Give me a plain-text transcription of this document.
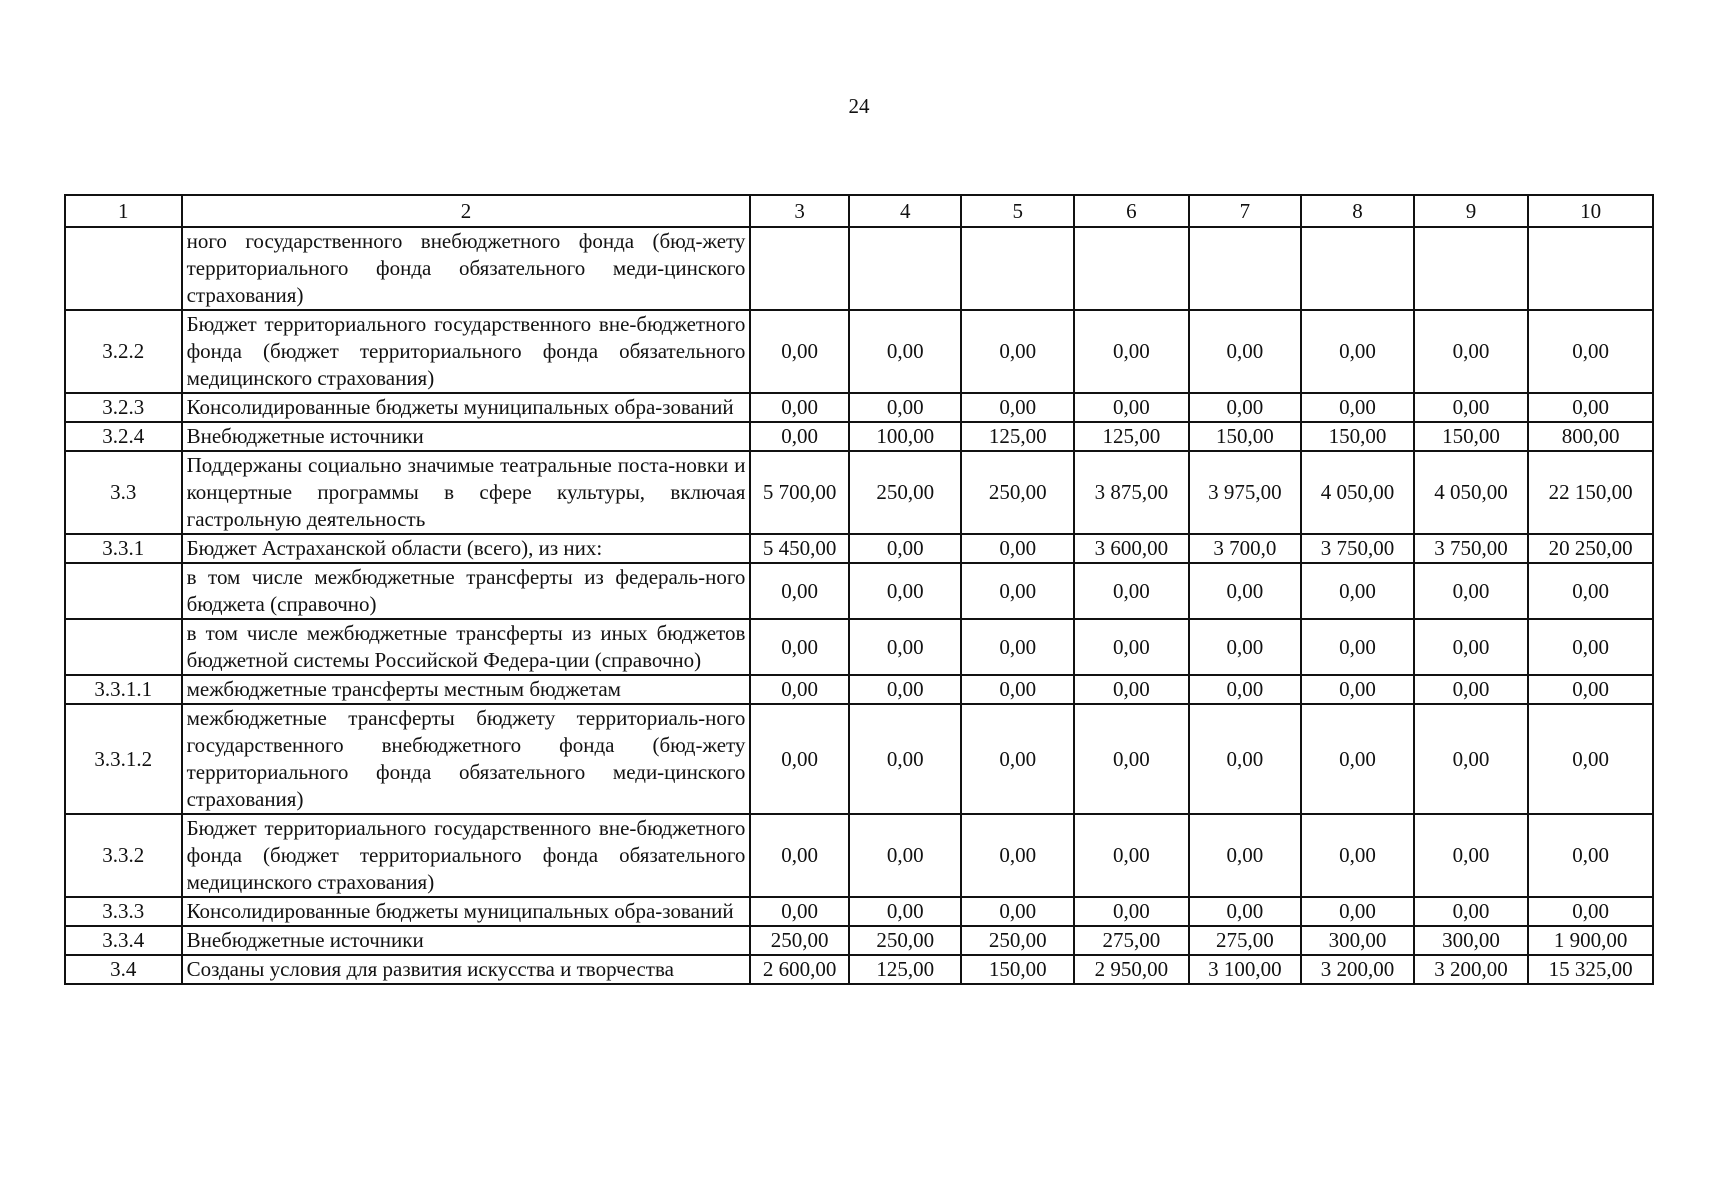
24
1	2	3	4	5	6	7	8	9	10
	ного государственного внебюджетного фонда (бюд-жету территориального фонда обязательного меди-цинского страхования)								
3.2.2	Бюджет территориального государственного вне-бюджетного фонда (бюджет территориального фонда обязательного медицинского страхования)	0,00	0,00	0,00	0,00	0,00	0,00	0,00	0,00
3.2.3	Консолидированные бюджеты муниципальных обра-зований	0,00	0,00	0,00	0,00	0,00	0,00	0,00	0,00
3.2.4	Внебюджетные источники	0,00	100,00	125,00	125,00	150,00	150,00	150,00	800,00
3.3	Поддержаны социально значимые театральные поста-новки и концертные программы в сфере культуры, включая гастрольную деятельность	5 700,00	250,00	250,00	3 875,00	3 975,00	4 050,00	4 050,00	22 150,00
3.3.1	Бюджет Астраханской области (всего), из них:	5 450,00	0,00	0,00	3 600,00	3 700,0	3 750,00	3 750,00	20 250,00
	в том числе межбюджетные трансферты из федераль-ного бюджета (справочно)	0,00	0,00	0,00	0,00	0,00	0,00	0,00	0,00
	в том числе межбюджетные трансферты из иных бюджетов бюджетной системы Российской Федера-ции (справочно)	0,00	0,00	0,00	0,00	0,00	0,00	0,00	0,00
3.3.1.1	межбюджетные трансферты местным бюджетам	0,00	0,00	0,00	0,00	0,00	0,00	0,00	0,00
3.3.1.2	межбюджетные трансферты бюджету территориаль-ного государственного внебюджетного фонда (бюд-жету территориального фонда обязательного меди-цинского страхования)	0,00	0,00	0,00	0,00	0,00	0,00	0,00	0,00
3.3.2	Бюджет территориального государственного вне-бюджетного фонда (бюджет территориального фонда обязательного медицинского страхования)	0,00	0,00	0,00	0,00	0,00	0,00	0,00	0,00
3.3.3	Консолидированные бюджеты муниципальных обра-зований	0,00	0,00	0,00	0,00	0,00	0,00	0,00	0,00
3.3.4	Внебюджетные источники	250,00	250,00	250,00	275,00	275,00	300,00	300,00	1 900,00
3.4	Созданы условия для развития искусства и творчества	2 600,00	125,00	150,00	2 950,00	3 100,00	3 200,00	3 200,00	15 325,00
